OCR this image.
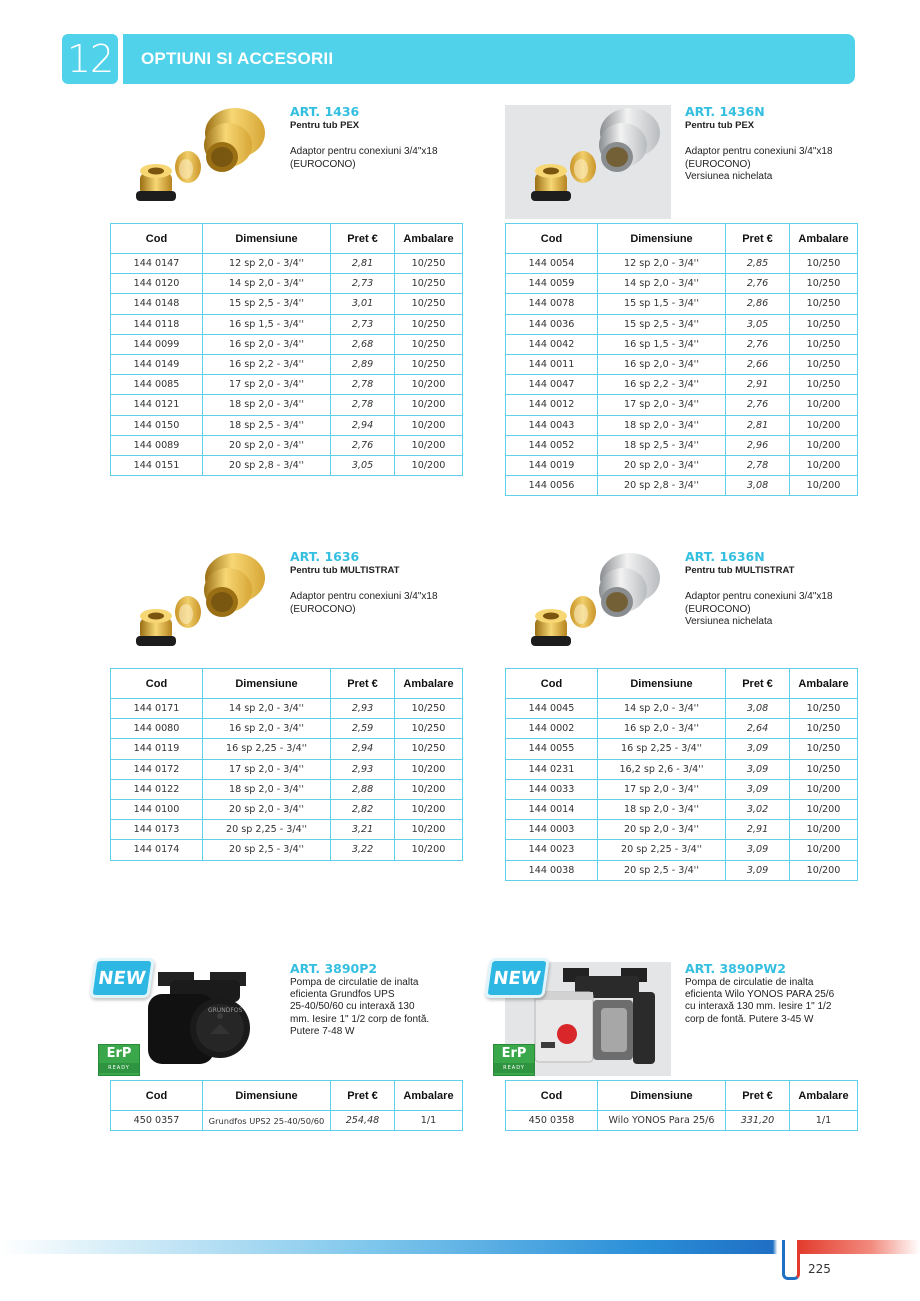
12 OPTIUNI SI ACCESORII
ART. 1436
Pentru tub PEX
Adaptor pentru conexiuni 3/4"x18
(EUROCONO)
Cod	Dimensiune	Pret €	Ambalare
144 0147	12 sp 2,0 - 3/4''	2,81	10/250
144 0120	14 sp 2,0 - 3/4''	2,73	10/250
144 0148	15 sp 2,5 - 3/4''	3,01	10/250
144 0118	16 sp 1,5 - 3/4''	2,73	10/250
144 0099	16 sp 2,0 - 3/4''	2,68	10/250
144 0149	16 sp 2,2 - 3/4''	2,89	10/250
144 0085	17 sp 2,0 - 3/4''	2,78	10/200
144 0121	18 sp 2,0 - 3/4''	2,78	10/200
144 0150	18 sp 2,5 - 3/4''	2,94	10/200
144 0089	20 sp 2,0 - 3/4''	2,76	10/200
144 0151	20 sp 2,8 - 3/4''	3,05	10/200
ART. 1436N
Pentru tub PEX
Adaptor pentru conexiuni 3/4"x18
(EUROCONO)
Versiunea nichelata
Cod	Dimensiune	Pret €	Ambalare
144 0054	12 sp 2,0 - 3/4''	2,85	10/250
144 0059	14 sp 2,0 - 3/4''	2,76	10/250
144 0078	15 sp 1,5 - 3/4''	2,86	10/250
144 0036	15 sp 2,5 - 3/4''	3,05	10/250
144 0042	16 sp 1,5 - 3/4''	2,76	10/250
144 0011	16 sp 2,0 - 3/4''	2,66	10/250
144 0047	16 sp 2,2 - 3/4''	2,91	10/250
144 0012	17 sp 2,0 - 3/4''	2,76	10/200
144 0043	18 sp 2,0 - 3/4''	2,81	10/200
144 0052	18 sp 2,5 - 3/4''	2,96	10/200
144 0019	20 sp 2,0 - 3/4''	2,78	10/200
144 0056	20 sp 2,8 - 3/4''	3,08	10/200
ART. 1636
Pentru tub MULTISTRAT
Adaptor pentru conexiuni 3/4"x18
(EUROCONO)
Cod	Dimensiune	Pret €	Ambalare
144 0171	14 sp 2,0 - 3/4''	2,93	10/250
144 0080	16 sp 2,0 - 3/4''	2,59	10/250
144 0119	16 sp 2,25 - 3/4''	2,94	10/250
144 0172	17 sp 2,0 - 3/4''	2,93	10/200
144 0122	18 sp 2,0 - 3/4''	2,88	10/200
144 0100	20 sp 2,0 - 3/4''	2,82	10/200
144 0173	20 sp 2,25 - 3/4''	3,21	10/200
144 0174	20 sp 2,5 - 3/4''	3,22	10/200
ART. 1636N
Pentru tub MULTISTRAT
Adaptor pentru conexiuni 3/4"x18
(EUROCONO)
Versiunea nichelata
Cod	Dimensiune	Pret €	Ambalare
144 0045	14 sp 2,0 - 3/4''	3,08	10/250
144 0002	16 sp 2,0 - 3/4''	2,64	10/250
144 0055	16 sp 2,25 - 3/4''	3,09	10/250
144 0231	16,2 sp 2,6 - 3/4''	3,09	10/250
144 0033	17 sp 2,0 - 3/4''	3,09	10/200
144 0014	18 sp 2,0 - 3/4''	3,02	10/200
144 0003	20 sp 2,0 - 3/4''	2,91	10/200
144 0023	20 sp 2,25 - 3/4''	3,09	10/200
144 0038	20 sp 2,5 - 3/4''	3,09	10/200
GRUNDFOS
NEW
ErP
READY
ART. 3890P2
Pompa de circulatie de inalta
eficienta Grundfos UPS
25-40/50/60 cu interaxă 130
mm. Iesire 1" 1/2 corp de fontă.
Putere 7-48 W
Cod	Dimensiune	Pret €	Ambalare
450 0357	Grundfos UPS2 25-40/50/60	254,48	1/1
NEW
ErP
READY
ART. 3890PW2
Pompa de circulatie de inalta
eficienta Wilo YONOS PARA 25/6
cu interaxă 130 mm. Iesire 1" 1/2
corp de fontă. Putere 3-45 W
Cod	Dimensiune	Pret €	Ambalare
450 0358	Wilo YONOS Para 25/6	331,20	1/1
225
